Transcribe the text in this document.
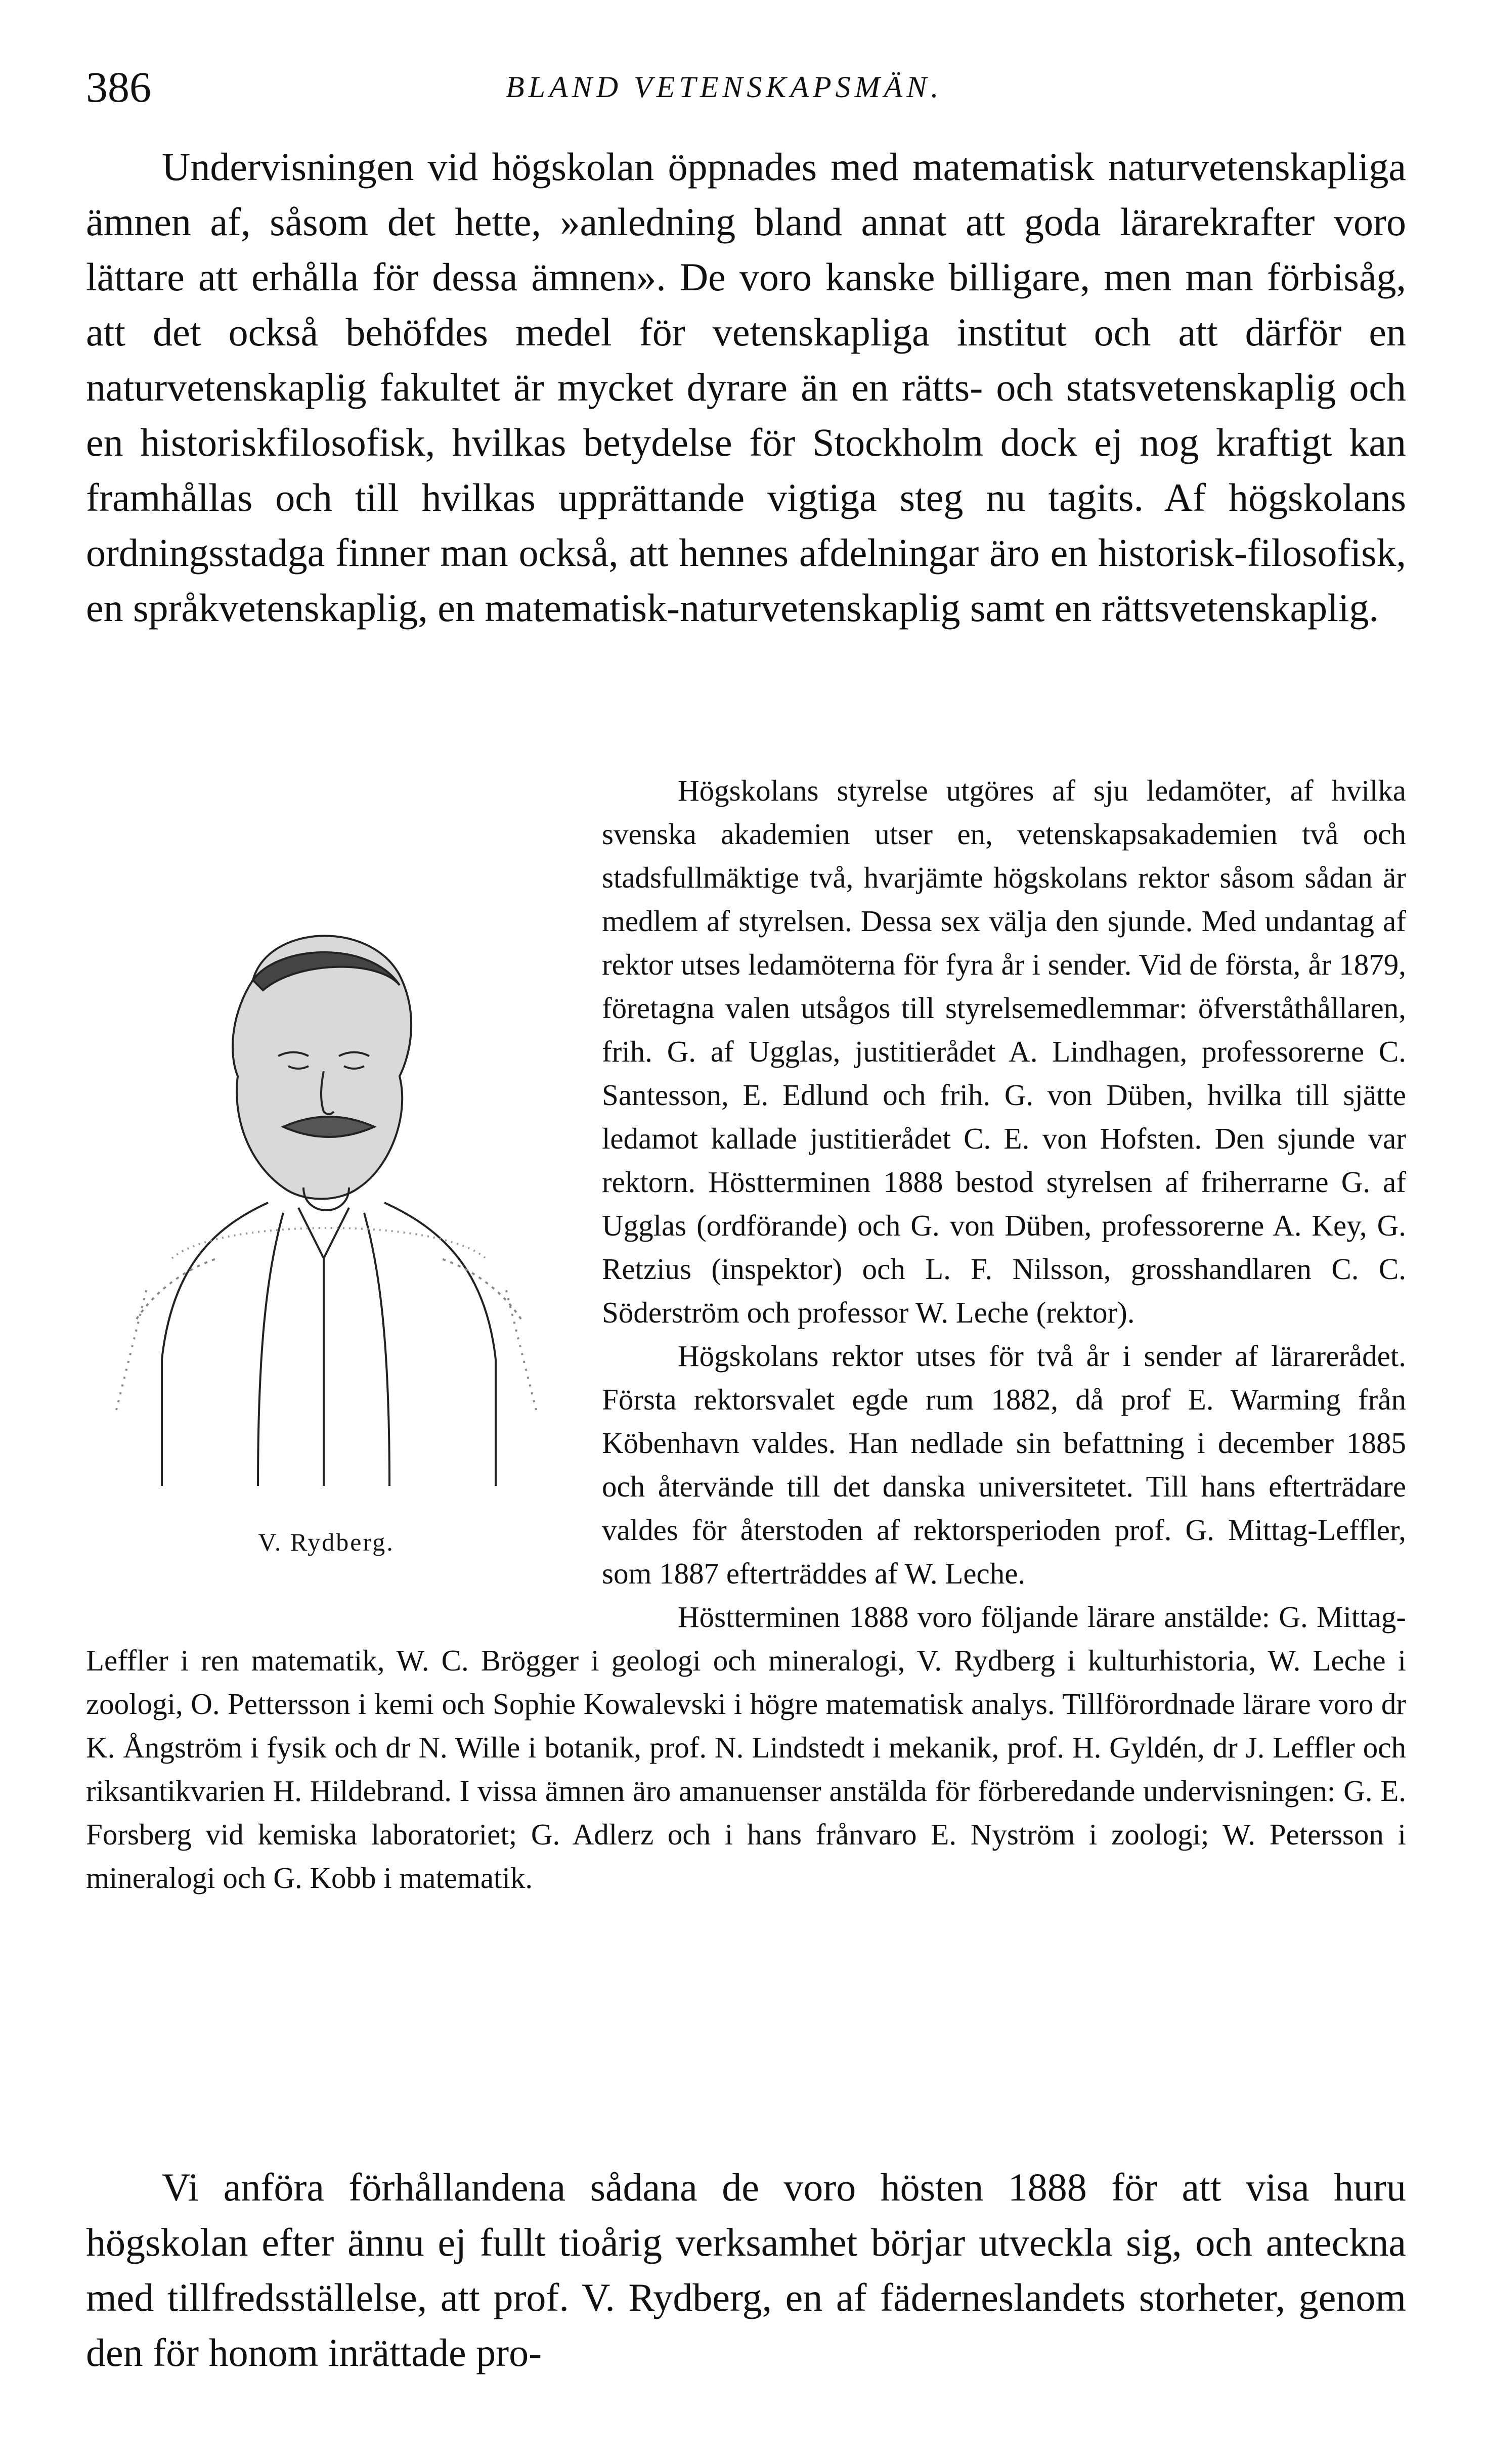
386	BLAND VETENSKAPSMÄN.

Undervisningen vid högskolan öppnades med matematisk naturvetenskapliga ämnen af, såsom det hette, »anledning bland annat att goda lärarekrafter voro lättare att erhålla för dessa ämnen». De voro kanske billigare, men man förbisåg, att det också behöfdes medel för vetenskapliga institut och att därför en naturvetenskaplig fakultet är mycket dyrare än en rätts- och statsvetenskaplig och en historiskfilosofisk, hvilkas betydelse för Stockholm dock ej nog kraftigt kan framhållas och till hvilkas upprättande vigtiga steg nu tagits. Af högskolans ordningsstadga finner man också, att hennes afdelningar äro en historisk-filosofisk, en språkvetenskaplig, en matematisk-naturvetenskaplig samt en rättsvetenskaplig.

V. Rydberg.

Högskolans styrelse utgöres af sju ledamöter, af hvilka svenska akademien utser en, vetenskapsakademien två och stadsfullmäktige två, hvarjämte högskolans rektor såsom sådan är medlem af styrelsen. Dessa sex välja den sjunde. Med undantag af rektor utses ledamöterna för fyra år i sender. Vid de första, år 1879, företagna valen utsågos till styrelsemedlemmar: öfverståthållaren, frih. G. af Ugglas, justitierådet A. Lindhagen, professorerne C. Santesson, E. Edlund och frih. G. von Düben, hvilka till sjätte ledamot kallade justitierådet C. E. von Hofsten. Den sjunde var rektorn. Höstterminen 1888 bestod styrelsen af friherrarne G. af Ugglas (ordförande) och G. von Düben, professorerne A. Key, G. Retzius (inspektor) och L. F. Nilsson, grosshandlaren C. C. Söderström och professor W. Leche (rektor).

Högskolans rektor utses för två år i sender af lärarerådet. Första rektorsvalet egde rum 1882, då prof E. Warming från Köbenhavn valdes. Han nedlade sin befattning i december 1885 och återvände till det danska universitetet. Till hans efterträdare valdes för återstoden af rektorsperioden prof. G. Mittag-Leffler, som 1887 efterträddes af W. Leche.

Höstterminen 1888 voro följande lärare anstälde: G. Mittag-Leffler i ren matematik, W. C. Brögger i geologi och mineralogi, V. Rydberg i kulturhistoria, W. Leche i zoologi, O. Pettersson i kemi och Sophie Kowalevski i högre matematisk analys. Tillförordnade lärare voro dr K. Ångström i fysik och dr N. Wille i botanik, prof. N. Lindstedt i mekanik, prof. H. Gyldén, dr J. Leffler och riksantikvarien H. Hildebrand. I vissa ämnen äro amanuenser anstälda för förberedande undervisningen: G. E. Forsberg vid kemiska laboratoriet; G. Adlerz och i hans frånvaro E. Nyström i zoologi; W. Petersson i mineralogi och G. Kobb i matematik.

Vi anföra förhållandena sådana de voro hösten 1888 för att visa huru högskolan efter ännu ej fullt tioårig verksamhet börjar utveckla sig, och anteckna med tillfredsställelse, att prof. V. Rydberg, en af fäderneslandets storheter, genom den för honom inrättade pro-
